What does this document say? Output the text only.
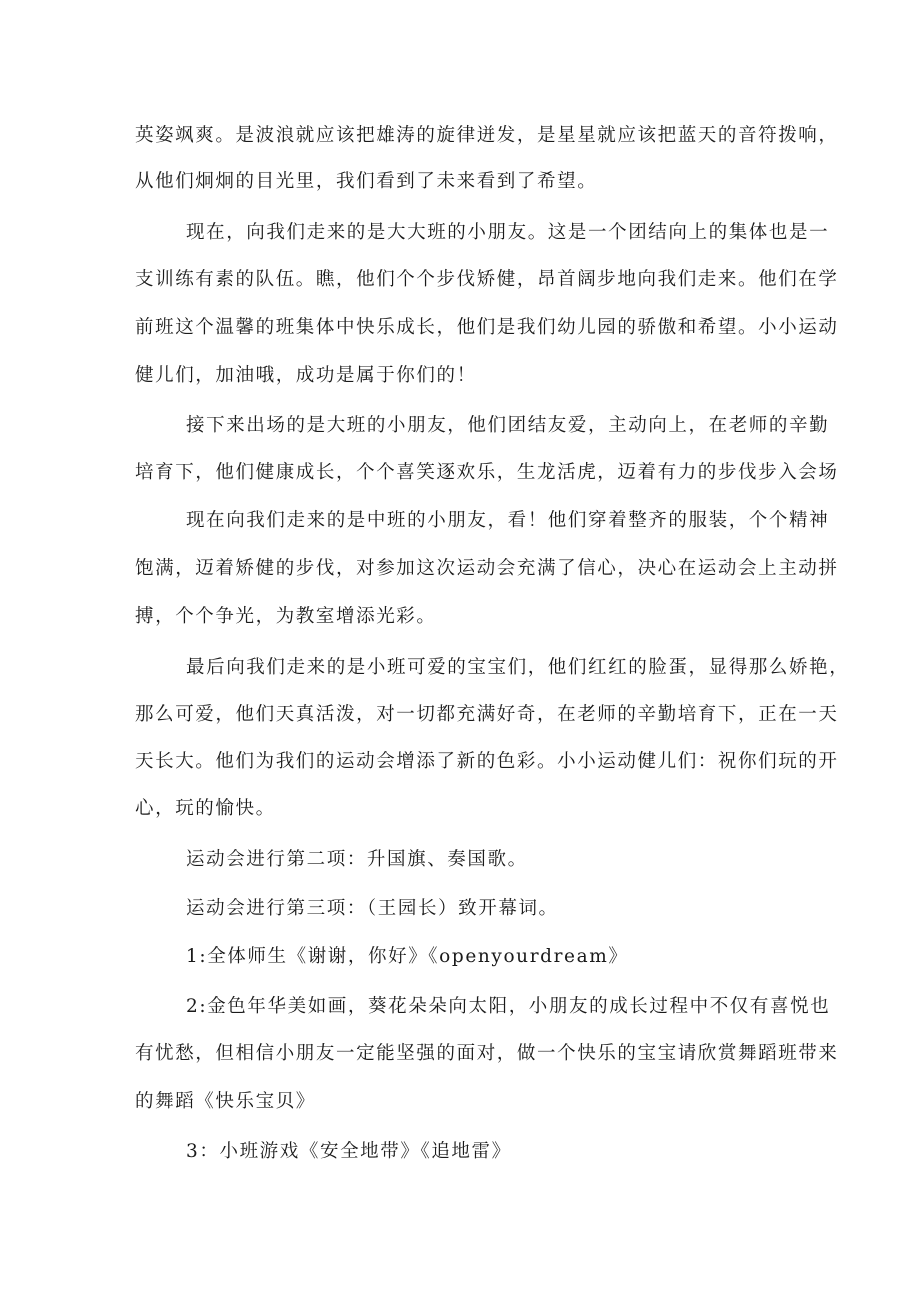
英姿飒爽。是波浪就应该把雄涛的旋律迸发，是星星就应该把蓝天的音符拨响，
从他们炯炯的目光里，我们看到了未来看到了希望。
现在，向我们走来的是大大班的小朋友。这是一个团结向上的集体也是一
支训练有素的队伍。瞧，他们个个步伐矫健，昂首阔步地向我们走来。他们在学
前班这个温馨的班集体中快乐成长，他们是我们幼儿园的骄傲和希望。小小运动
健儿们，加油哦，成功是属于你们的！
接下来出场的是大班的小朋友，他们团结友爱，主动向上，在老师的辛勤
培育下，他们健康成长，个个喜笑逐欢乐，生龙活虎，迈着有力的步伐步入会场
现在向我们走来的是中班的小朋友，看！他们穿着整齐的服装，个个精神
饱满，迈着矫健的步伐，对参加这次运动会充满了信心，决心在运动会上主动拼
搏，个个争光，为教室增添光彩。
最后向我们走来的是小班可爱的宝宝们，他们红红的脸蛋，显得那么娇艳，
那么可爱，他们天真活泼，对一切都充满好奇，在老师的辛勤培育下，正在一天
天长大。他们为我们的运动会增添了新的色彩。小小运动健儿们：祝你们玩的开
心，玩的愉快。
运动会进行第二项：升国旗、奏国歌。
运动会进行第三项：（王园长）致开幕词。
1:全体师生《谢谢，你好》《openyourdream》
2:金色年华美如画，葵花朵朵向太阳，小朋友的成长过程中不仅有喜悦也
有忧愁，但相信小朋友一定能坚强的面对，做一个快乐的宝宝请欣赏舞蹈班带来
的舞蹈《快乐宝贝》
3：小班游戏《安全地带》《追地雷》
